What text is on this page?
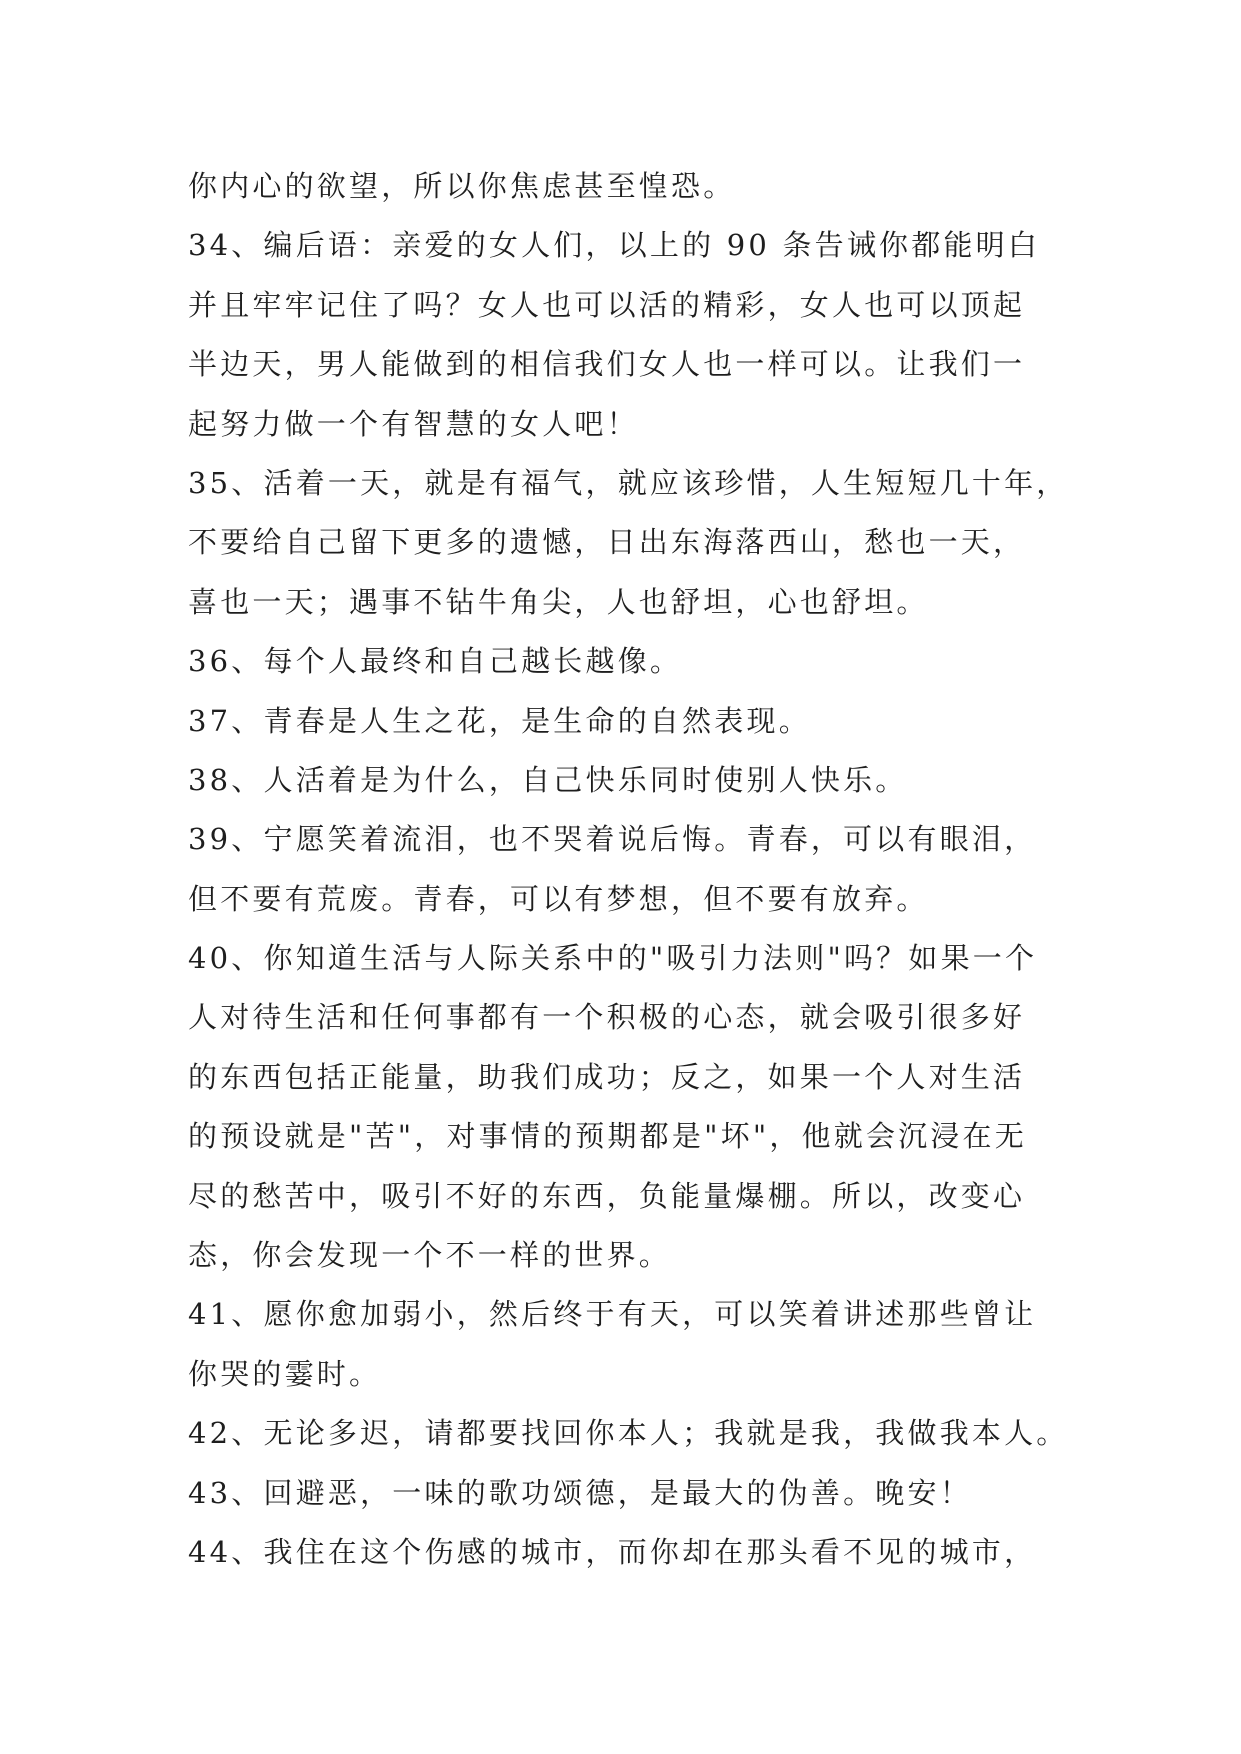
你内心的欲望，所以你焦虑甚至惶恐。
34、编后语：亲爱的女人们，以上的 90 条告诫你都能明白
并且牢牢记住了吗？女人也可以活的精彩，女人也可以顶起
半边天，男人能做到的相信我们女人也一样可以。让我们一
起努力做一个有智慧的女人吧！
35、活着一天，就是有福气，就应该珍惜，人生短短几十年，
不要给自己留下更多的遗憾，日出东海落西山，愁也一天，
喜也一天；遇事不钻牛角尖，人也舒坦，心也舒坦。
36、每个人最终和自己越长越像。
37、青春是人生之花，是生命的自然表现。
38、人活着是为什么，自己快乐同时使别人快乐。
39、宁愿笑着流泪，也不哭着说后悔。青春，可以有眼泪，
但不要有荒废。青春，可以有梦想，但不要有放弃。
40、你知道生活与人际关系中的"吸引力法则"吗？如果一个
人对待生活和任何事都有一个积极的心态，就会吸引很多好
的东西包括正能量，助我们成功；反之，如果一个人对生活
的预设就是"苦"，对事情的预期都是"坏"，他就会沉浸在无
尽的愁苦中，吸引不好的东西，负能量爆棚。所以，改变心
态，你会发现一个不一样的世界。
41、愿你愈加弱小，然后终于有天，可以笑着讲述那些曾让
你哭的霎时。
42、无论多迟，请都要找回你本人；我就是我，我做我本人。
43、回避恶，一味的歌功颂德，是最大的伪善。晚安！
44、我住在这个伤感的城市，而你却在那头看不见的城市，
